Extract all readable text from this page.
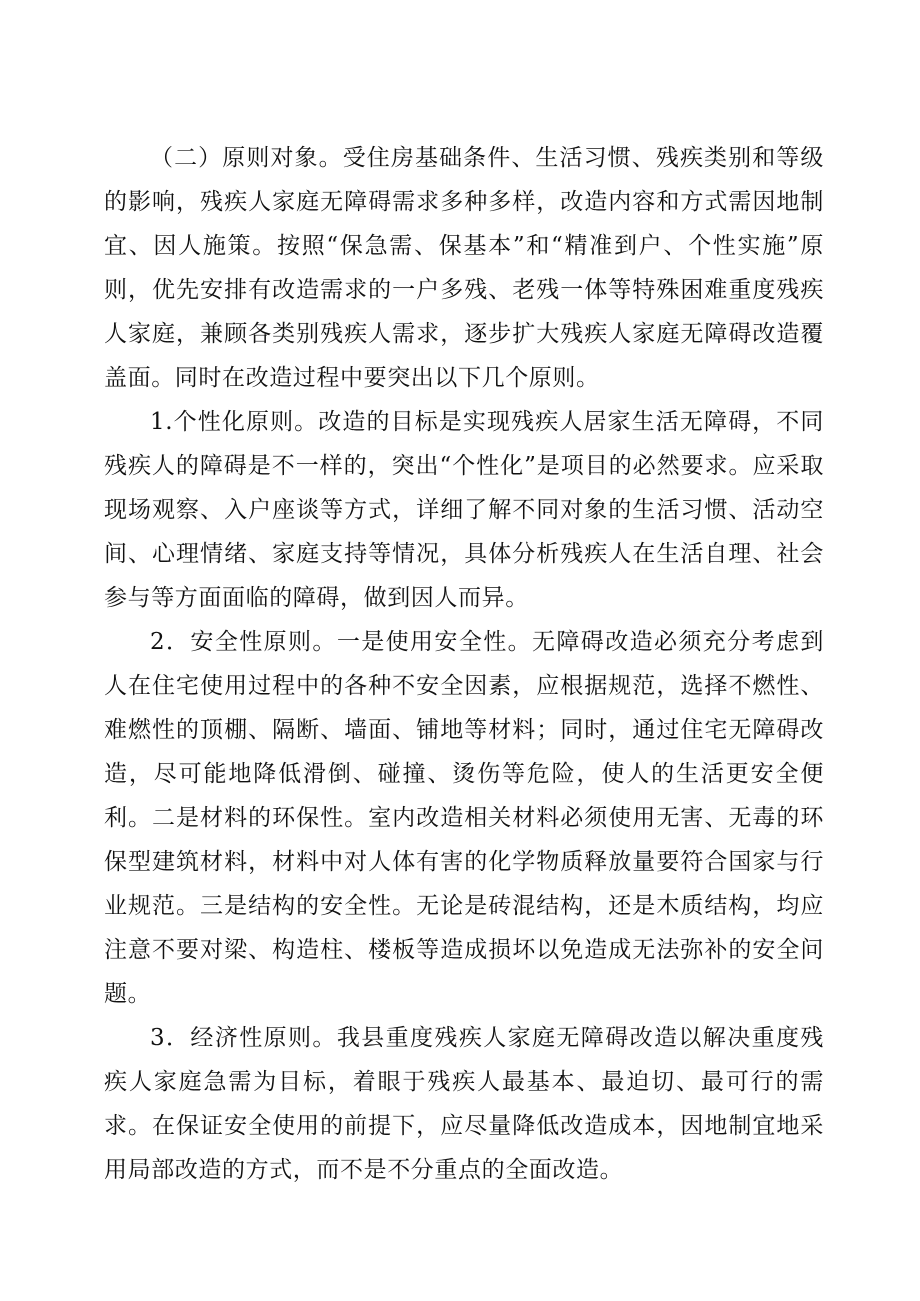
（二）原则对象。受住房基础条件、生活习惯、残疾类别和等级的影响，残疾人家庭无障碍需求多种多样，改造内容和方式需因地制宜、因人施策。按照“保急需、保基本”和“精准到户、个性实施”原则，优先安排有改造需求的一户多残、老残一体等特殊困难重度残疾人家庭，兼顾各类别残疾人需求，逐步扩大残疾人家庭无障碍改造覆盖面。同时在改造过程中要突出以下几个原则。

1.个性化原则。改造的目标是实现残疾人居家生活无障碍，不同残疾人的障碍是不一样的，突出“个性化”是项目的必然要求。应采取现场观察、入户座谈等方式，详细了解不同对象的生活习惯、活动空间、心理情绪、家庭支持等情况，具体分析残疾人在生活自理、社会参与等方面面临的障碍，做到因人而异。

2．安全性原则。一是使用安全性。无障碍改造必须充分考虑到人在住宅使用过程中的各种不安全因素，应根据规范，选择不燃性、难燃性的顶棚、隔断、墙面、铺地等材料；同时，通过住宅无障碍改造，尽可能地降低滑倒、碰撞、烫伤等危险，使人的生活更安全便利。二是材料的环保性。室内改造相关材料必须使用无害、无毒的环保型建筑材料，材料中对人体有害的化学物质释放量要符合国家与行业规范。三是结构的安全性。无论是砖混结构，还是木质结构，均应注意不要对梁、构造柱、楼板等造成损坏以免造成无法弥补的安全问题。

3．经济性原则。我县重度残疾人家庭无障碍改造以解决重度残疾人家庭急需为目标，着眼于残疾人最基本、最迫切、最可行的需求。在保证安全使用的前提下，应尽量降低改造成本，因地制宜地采用局部改造的方式，而不是不分重点的全面改造。
